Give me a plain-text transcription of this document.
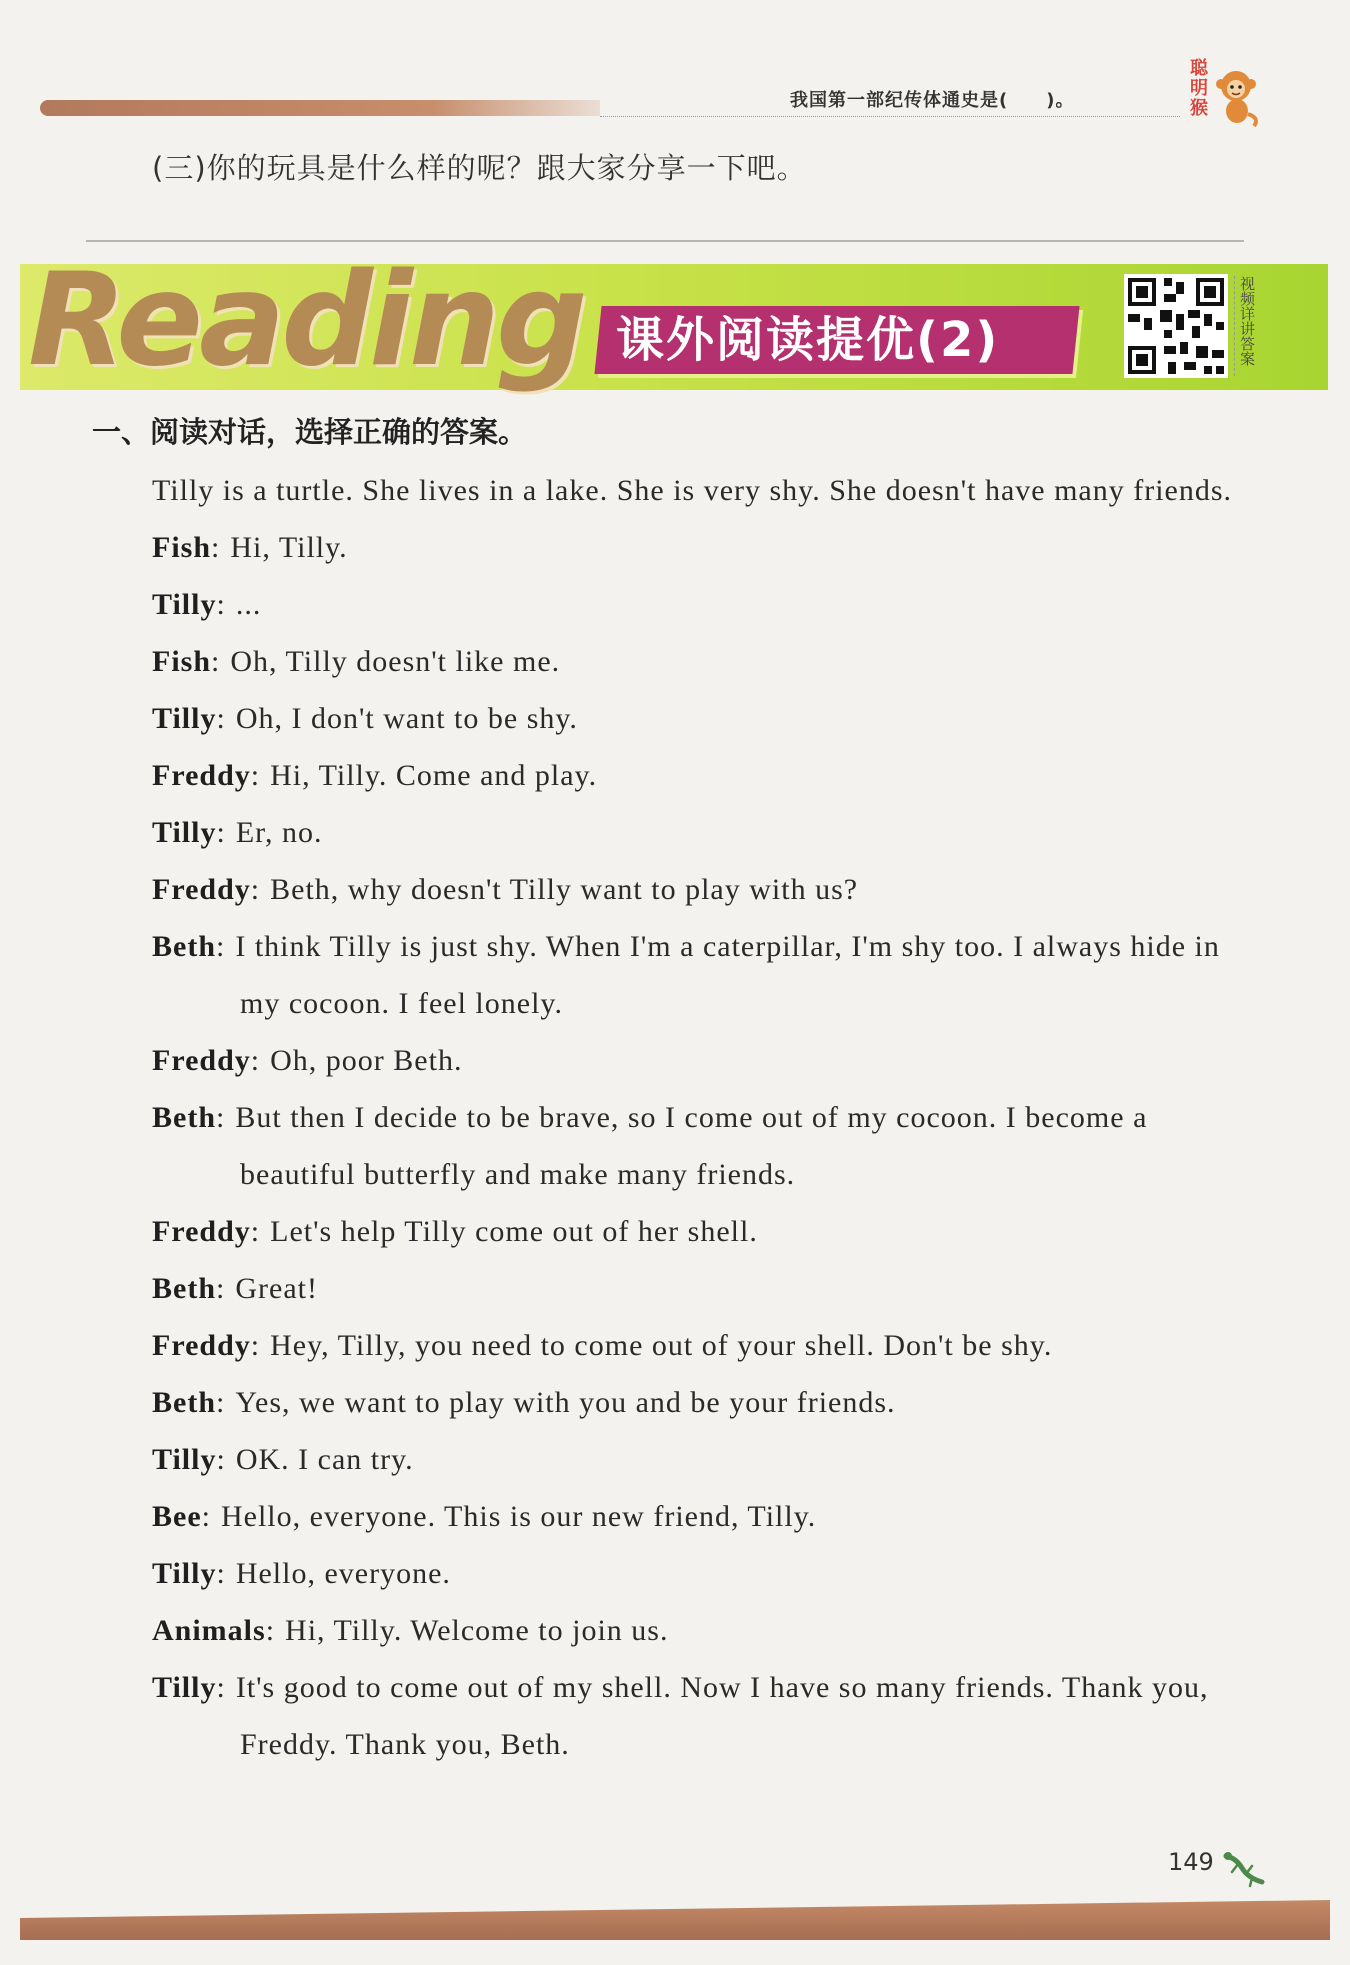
我国第一部纪传体通史是(　　)。	聪明猴
(三)你的玩具是什么样的呢？跟大家分享一下吧。
Reading 课外阅读提优(2)	视频详讲答案
一、阅读对话，选择正确的答案。
Tilly is a turtle. She lives in a lake. She is very shy. She doesn't have many friends.

Fish: Hi, Tilly.

Tilly: ...

Fish: Oh, Tilly doesn't like me.

Tilly: Oh, I don't want to be shy.

Freddy: Hi, Tilly. Come and play.

Tilly: Er, no.

Freddy: Beth, why doesn't Tilly want to play with us?

Beth: I think Tilly is just shy. When I'm a caterpillar, I'm shy too. I always hide in my cocoon. I feel lonely.

Freddy: Oh, poor Beth.

Beth: But then I decide to be brave, so I come out of my cocoon. I become a beautiful butterfly and make many friends.

Freddy: Let's help Tilly come out of her shell.

Beth: Great!

Freddy: Hey, Tilly, you need to come out of your shell. Don't be shy.

Beth: Yes, we want to play with you and be your friends.

Tilly: OK. I can try.

Bee: Hello, everyone. This is our new friend, Tilly.

Tilly: Hello, everyone.

Animals: Hi, Tilly. Welcome to join us.

Tilly: It's good to come out of my shell. Now I have so many friends. Thank you, Freddy. Thank you, Beth.

149
